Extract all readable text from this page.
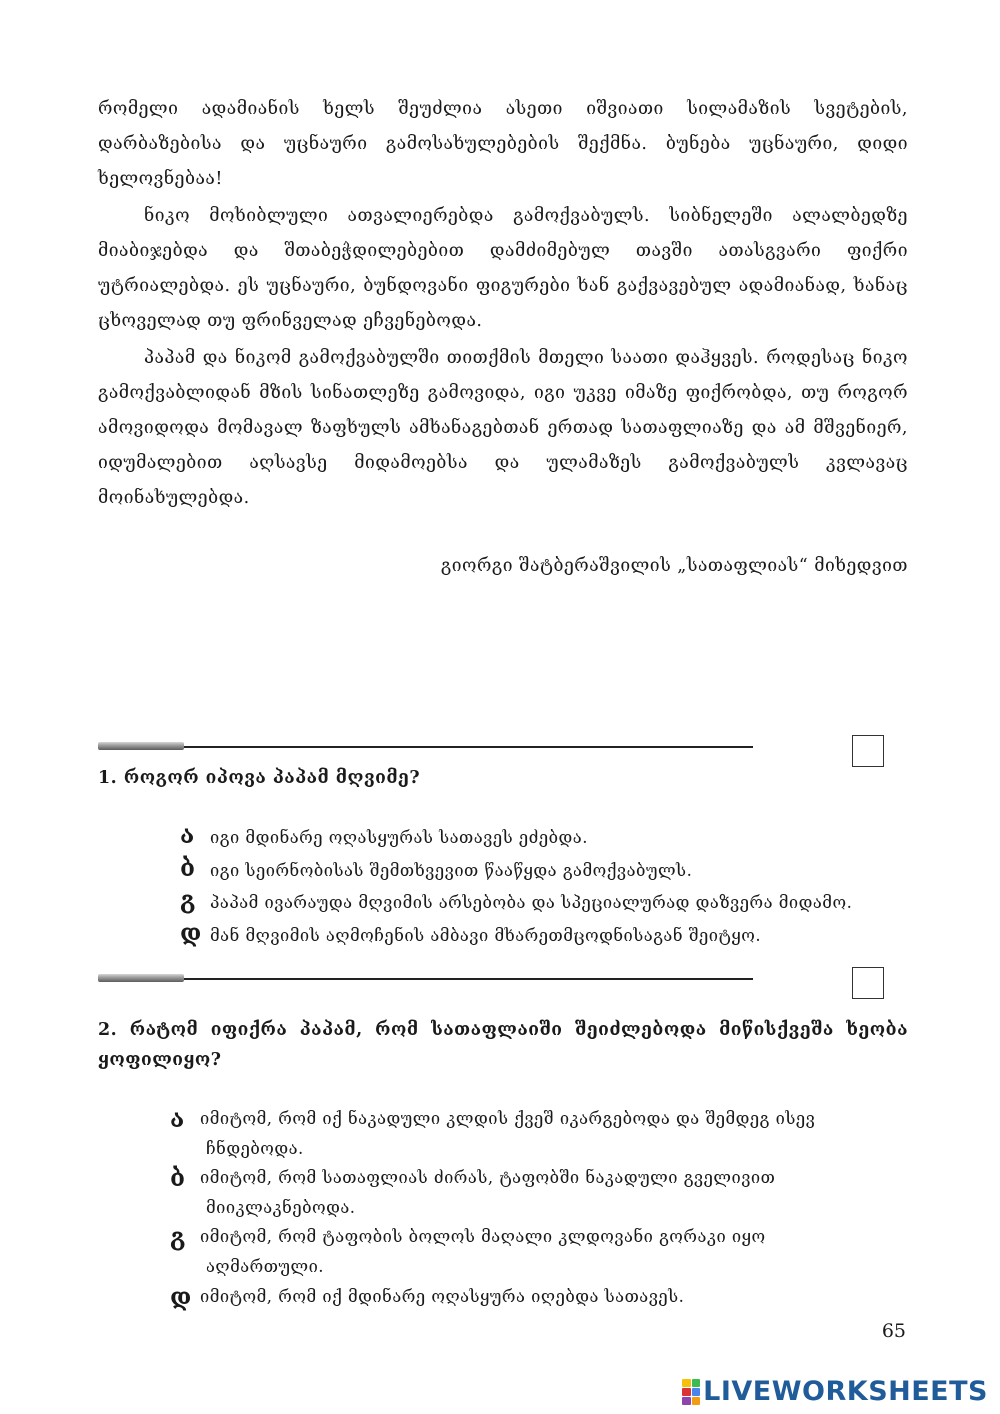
რომელი ადამიანის ხელს შეუძლია ასეთი იშვიათი სილამაზის სვეტების, დარბაზებისა და უცნაური გამოსახულებების შექმნა. ბუნება უცნაური, დიდი ხელოვნებაა!

ნიკო მოხიბლული ათვალიერებდა გამოქვაბულს. სიბნელეში ალალბედზე მიაბიჯებდა და შთაბეჭდილებებით დამძიმებულ თავში ათასგვარი ფიქრი უტრიალებდა. ეს უცნაური, ბუნდოვანი ფიგურები ხან გაქვავებულ ადამიანად, ხანაც ცხოველად თუ ფრინველად ეჩვენებოდა.

პაპამ და ნიკომ გამოქვაბულში თითქმის მთელი საათი დაჰყვეს. როდესაც ნიკო გამოქვაბლიდან მზის სინათლეზე გამოვიდა, იგი უკვე იმაზე ფიქრობდა, თუ როგორ ამოვიდოდა მომავალ ზაფხულს ამხანაგებთან ერთად სათაფლიაზე და ამ მშვენიერ, იდუმალებით აღსავსე მიდამოებსა და ულამაზეს გამოქვაბულს კვლავაც მოინახულებდა.

გიორგი შატბერაშვილის „სათაფლიას“ მიხედვით

1. როგორ იპოვა პაპამ მღვიმე?

ა იგი მდინარე ოღასყურას სათავეს ეძებდა.
ბ იგი სეირნობისას შემთხვევით წააწყდა გამოქვაბულს.
გ პაპამ ივარაუდა მღვიმის არსებობა და სპეციალურად დაზვერა მიდამო.
დ მან მღვიმის აღმოჩენის ამბავი მხარეთმცოდნისაგან შეიტყო.

2. რატომ იფიქრა პაპამ, რომ სათაფლაიში შეიძლებოდა მიწისქვეშა ხეობა ყოფილიყო?

ა იმიტომ, რომ იქ ნაკადული კლდის ქვეშ იკარგებოდა და შემდეგ ისევ
ჩნდებოდა.
ბ იმიტომ, რომ სათაფლიას ძირას, ტაფობში ნაკადული გველივით
მიიკლაკნებოდა.
გ იმიტომ, რომ ტაფობის ბოლოს მაღალი კლდოვანი გორაკი იყო
აღმართული.
დ იმიტომ, რომ იქ მდინარე ოღასყურა იღებდა სათავეს.
65
LIVEWORKSHEETS
